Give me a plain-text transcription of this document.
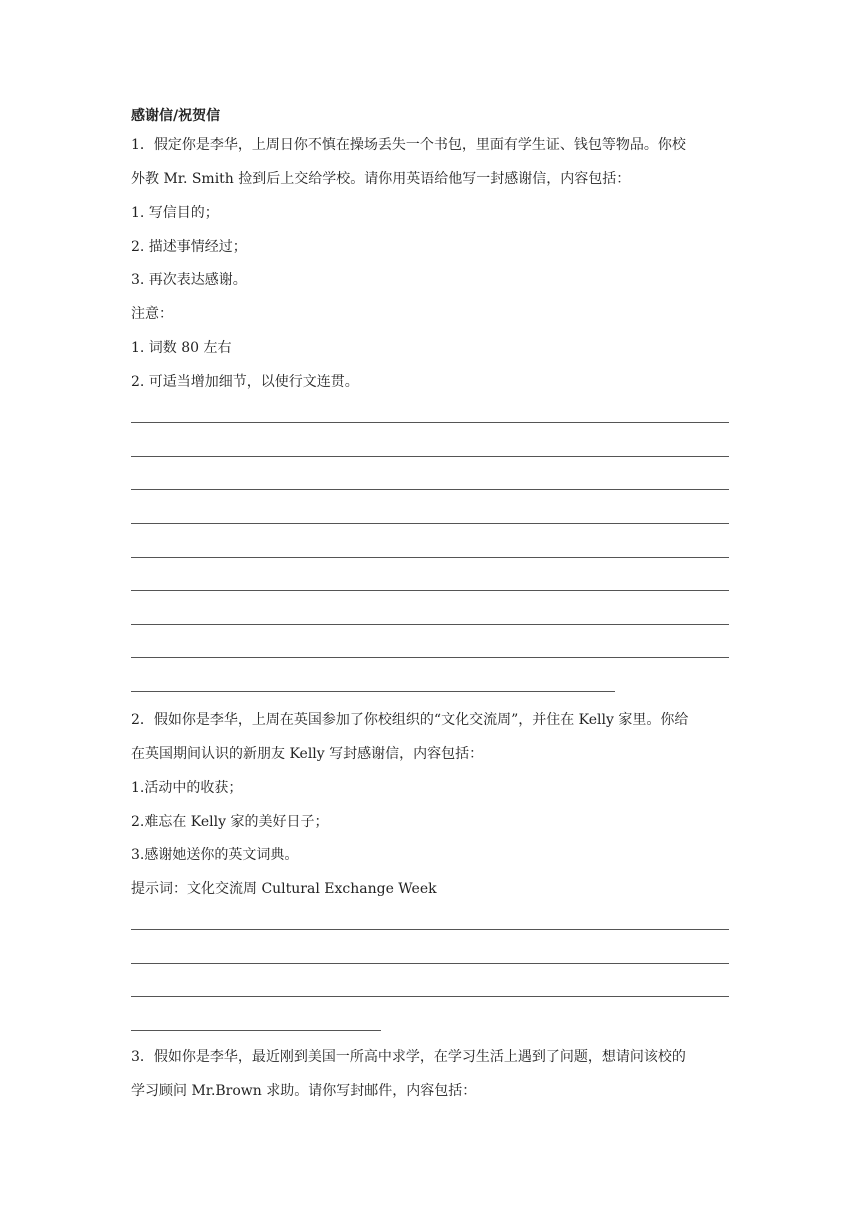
感谢信/祝贺信
1．假定你是李华，上周日你不慎在操场丢失一个书包，里面有学生证、钱包等物品。你校
外教 Mr. Smith 捡到后上交给学校。请你用英语给他写一封感谢信，内容包括：
1. 写信目的；
2. 描述事情经过；
3. 再次表达感谢。
注意：
1. 词数 80 左右
2. 可适当增加细节，以使行文连贯。
2．假如你是李华，上周在英国参加了你校组织的“文化交流周”，并住在 Kelly 家里。你给
在英国期间认识的新朋友 Kelly 写封感谢信，内容包括：
1.活动中的收获；
2.难忘在 Kelly 家的美好日子；
3.感谢她送你的英文词典。
提示词：文化交流周 Cultural Exchange Week
3．假如你是李华，最近刚到美国一所高中求学，在学习生活上遇到了问题，想请问该校的
学习顾问 Mr.Brown 求助。请你写封邮件，内容包括：
